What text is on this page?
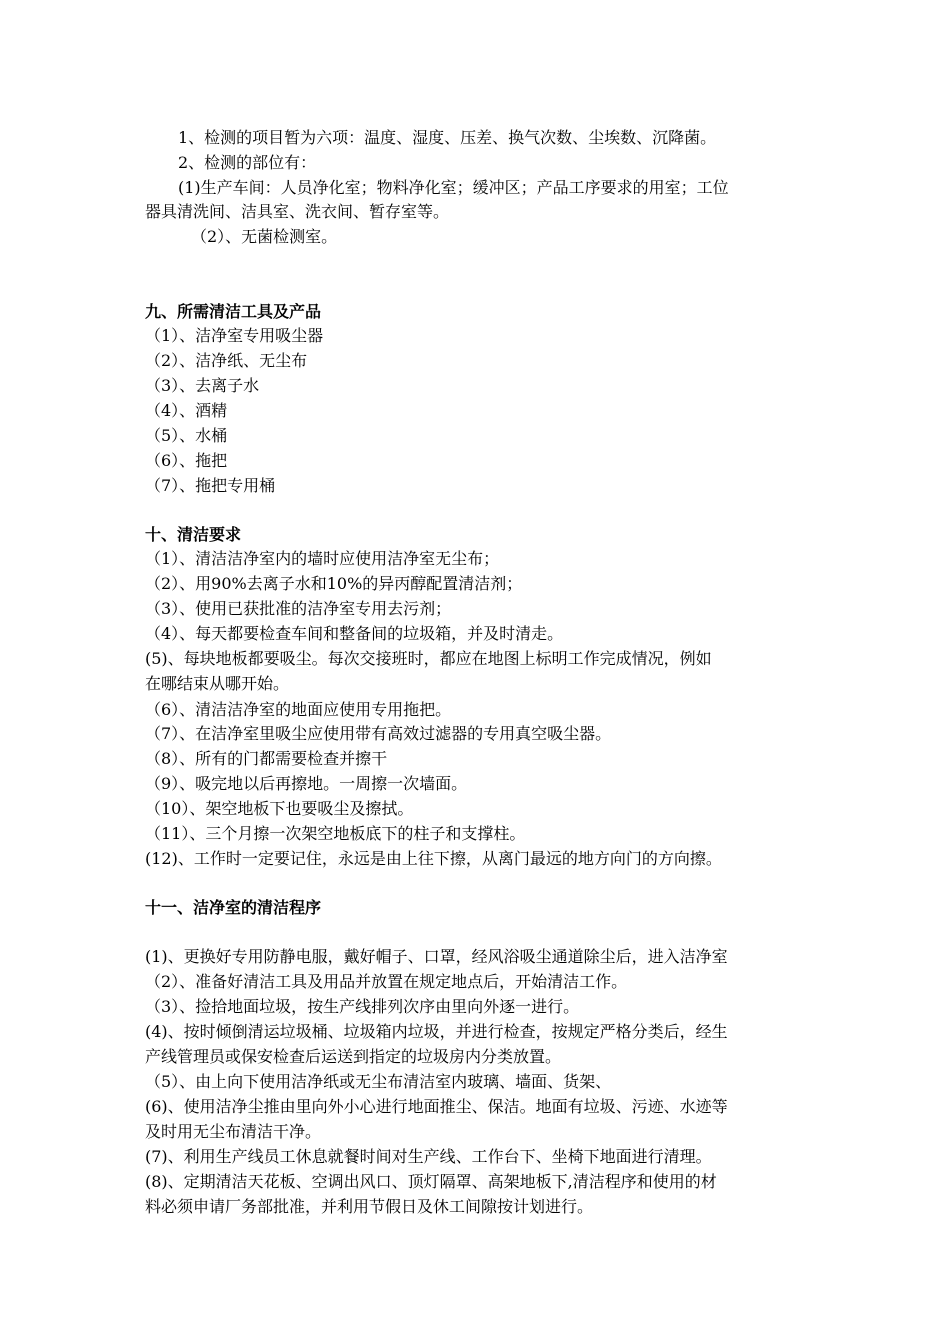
1、检测的项目暂为六项：温度、湿度、压差、换气次数、尘埃数、沉降菌。
2、检测的部位有：
(1)生产车间：人员净化室；物料净化室；缓冲区；产品工序要求的用室；工位
器具清洗间、洁具室、洗衣间、暂存室等。
（2）、无菌检测室。
九、所需清洁工具及产品
（1）、洁净室专用吸尘器
（2）、洁净纸、无尘布
（3）、去离子水
（4）、酒精
（5）、水桶
（6）、拖把
（7）、拖把专用桶
十、清洁要求
（1）、清洁洁净室内的墙时应使用洁净室无尘布；
（2）、用90%去离子水和10%的异丙醇配置清洁剂；
（3）、使用已获批准的洁净室专用去污剂；
（4）、每天都要检查车间和整备间的垃圾箱，并及时清走。
(5)、每块地板都要吸尘。每次交接班时，都应在地图上标明工作完成情况，例如
在哪结束从哪开始。
（6）、清洁洁净室的地面应使用专用拖把。
（7）、在洁净室里吸尘应使用带有高效过滤器的专用真空吸尘器。
（8）、所有的门都需要检查并擦干
（9）、吸完地以后再擦地。一周擦一次墙面。
（10）、架空地板下也要吸尘及擦拭。
（11）、三个月擦一次架空地板底下的柱子和支撑柱。
(12)、工作时一定要记住，永远是由上往下擦，从离门最远的地方向门的方向擦。
十一、洁净室的清洁程序
(1)、更换好专用防静电服，戴好帽子、口罩，经风浴吸尘通道除尘后，进入洁净室
（2）、准备好清洁工具及用品并放置在规定地点后，开始清洁工作。
（3）、捡拾地面垃圾，按生产线排列次序由里向外逐一进行。
(4)、按时倾倒清运垃圾桶、垃圾箱内垃圾，并进行检查，按规定严格分类后，经生
产线管理员或保安检查后运送到指定的垃圾房内分类放置。
（5）、由上向下使用洁净纸或无尘布清洁室内玻璃、墙面、货架、
(6)、使用洁净尘推由里向外小心进行地面推尘、保洁。地面有垃圾、污迹、水迹等
及时用无尘布清洁干净。
(7)、利用生产线员工休息就餐时间对生产线、工作台下、坐椅下地面进行清理。
(8)、定期清洁天花板、空调出风口、顶灯隔罩、高架地板下,清洁程序和使用的材
料必须申请厂务部批准，并利用节假日及休工间隙按计划进行。
